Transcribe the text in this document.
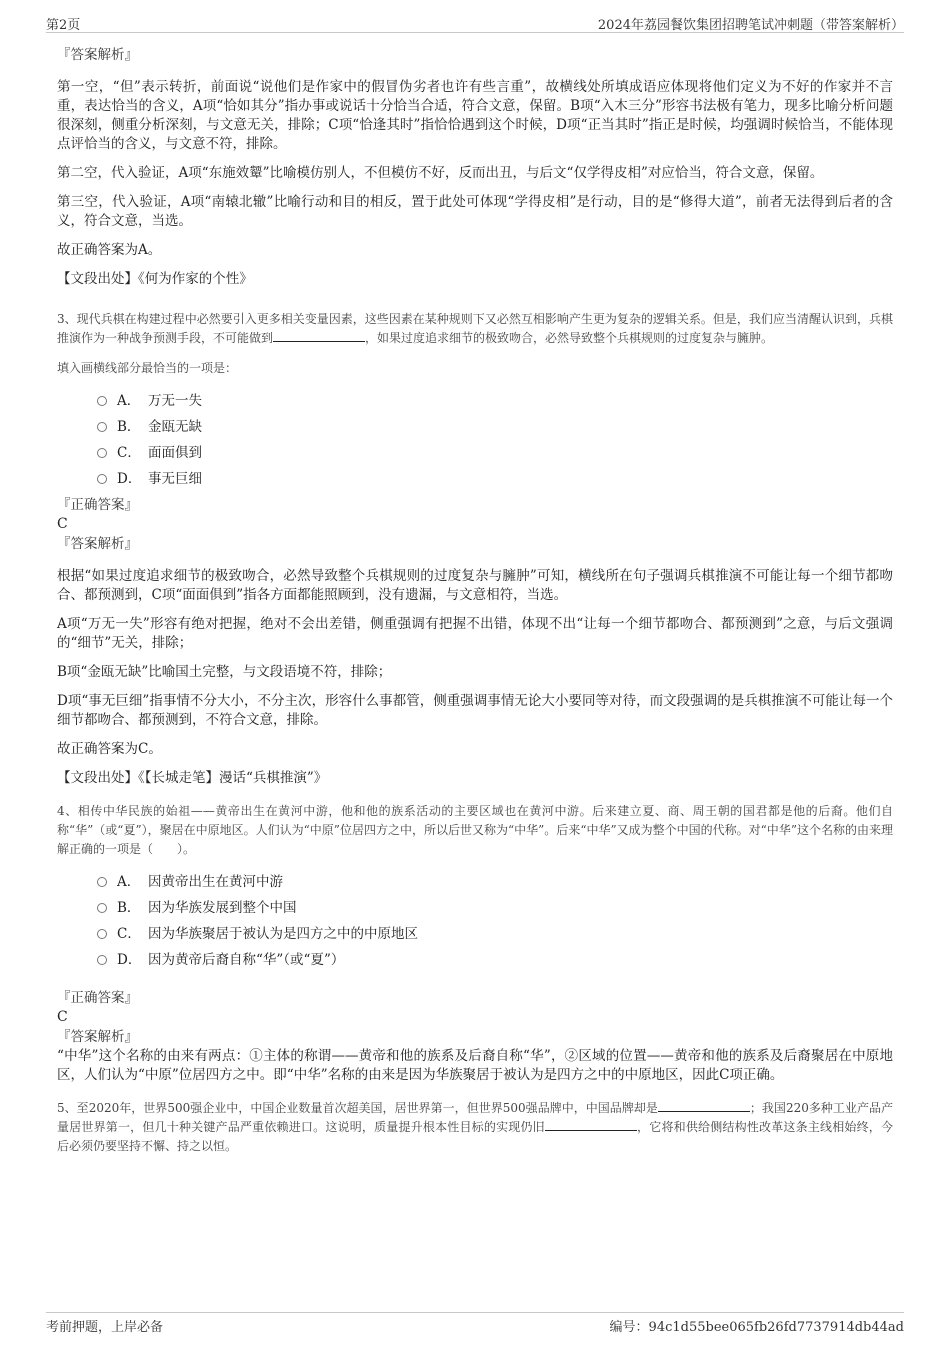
第2页	2024年荔园餐饮集团招聘笔试冲刺题（带答案解析）
『答案解析』

第一空，“但”表示转折，前面说“说他们是作家中的假冒伪劣者也许有些言重”，故横线处所填成语应体现将他们定义为不好的作家并不言重，表达恰当的含义，A项“恰如其分”指办事或说话十分恰当合适，符合文意，保留。B项“入木三分”形容书法极有笔力，现多比喻分析问题很深刻，侧重分析深刻，与文意无关，排除；C项“恰逢其时”指恰恰遇到这个时候，D项“正当其时”指正是时候，均强调时候恰当，不能体现点评恰当的含义，与文意不符，排除。

第二空，代入验证，A项“东施效颦”比喻模仿别人，不但模仿不好，反而出丑，与后文“仅学得皮相”对应恰当，符合文意，保留。

第三空，代入验证，A项“南辕北辙”比喻行动和目的相反，置于此处可体现“学得皮相”是行动，目的是“修得大道”，前者无法得到后者的含义，符合文意，当选。

故正确答案为A。

【文段出处】《何为作家的个性》

3、现代兵棋在构建过程中必然要引入更多相关变量因素，这些因素在某种规则下又必然互相影响产生更为复杂的逻辑关系。但是，我们应当清醒认识到，兵棋推演作为一种战争预测手段，不可能做到	，如果过度追求细节的极致吻合，必然导致整个兵棋规则的过度复杂与臃肿。

填入画横线部分最恰当的一项是：

A． 万无一失
B． 金瓯无缺
C． 面面俱到
D． 事无巨细
『正确答案』
C
『答案解析』

根据“如果过度追求细节的极致吻合，必然导致整个兵棋规则的过度复杂与臃肿”可知，横线所在句子强调兵棋推演不可能让每一个细节都吻合、都预测到，C项“面面俱到”指各方面都能照顾到，没有遗漏，与文意相符，当选。

A项“万无一失”形容有绝对把握，绝对不会出差错，侧重强调有把握不出错，体现不出“让每一个细节都吻合、都预测到”之意，与后文强调的“细节”无关，排除；

B项“金瓯无缺”比喻国土完整，与文段语境不符，排除；

D项“事无巨细”指事情不分大小，不分主次，形容什么事都管，侧重强调事情无论大小要同等对待，而文段强调的是兵棋推演不可能让每一个细节都吻合、都预测到，不符合文意，排除。

故正确答案为C。

【文段出处】《【长城走笔】漫话“兵棋推演”》

4、相传中华民族的始祖——黄帝出生在黄河中游，他和他的族系活动的主要区域也在黄河中游。后来建立夏、商、周王朝的国君都是他的后裔。他们自称“华”（或“夏”），聚居在中原地区。人们认为“中原”位居四方之中，所以后世又称为“中华”。后来“中华”又成为整个中国的代称。对“中华”这个名称的由来理解正确的一项是（　　）。

A． 因黄帝出生在黄河中游
B． 因为华族发展到整个中国
C． 因为华族聚居于被认为是四方之中的中原地区
D． 因为黄帝后裔自称“华”（或“夏”）
『正确答案』
C
『答案解析』

“中华”这个名称的由来有两点：①主体的称谓——黄帝和他的族系及后裔自称“华”，②区域的位置——黄帝和他的族系及后裔聚居在中原地区，人们认为“中原”位居四方之中。即“中华”名称的由来是因为华族聚居于被认为是四方之中的中原地区，因此C项正确。

5、至2020年，世界500强企业中，中国企业数量首次超美国，居世界第一，但世界500强品牌中，中国品牌却是	；我国220多种工业产品产量居世界第一，但几十种关键产品严重依赖进口。这说明，质量提升根本性目标的实现仍旧	，它将和供给侧结构性改革这条主线相始终，今后必须仍要坚持不懈、持之以恒。

考前押题，上岸必备	编号：94c1d55bee065fb26fd7737914db44ad
